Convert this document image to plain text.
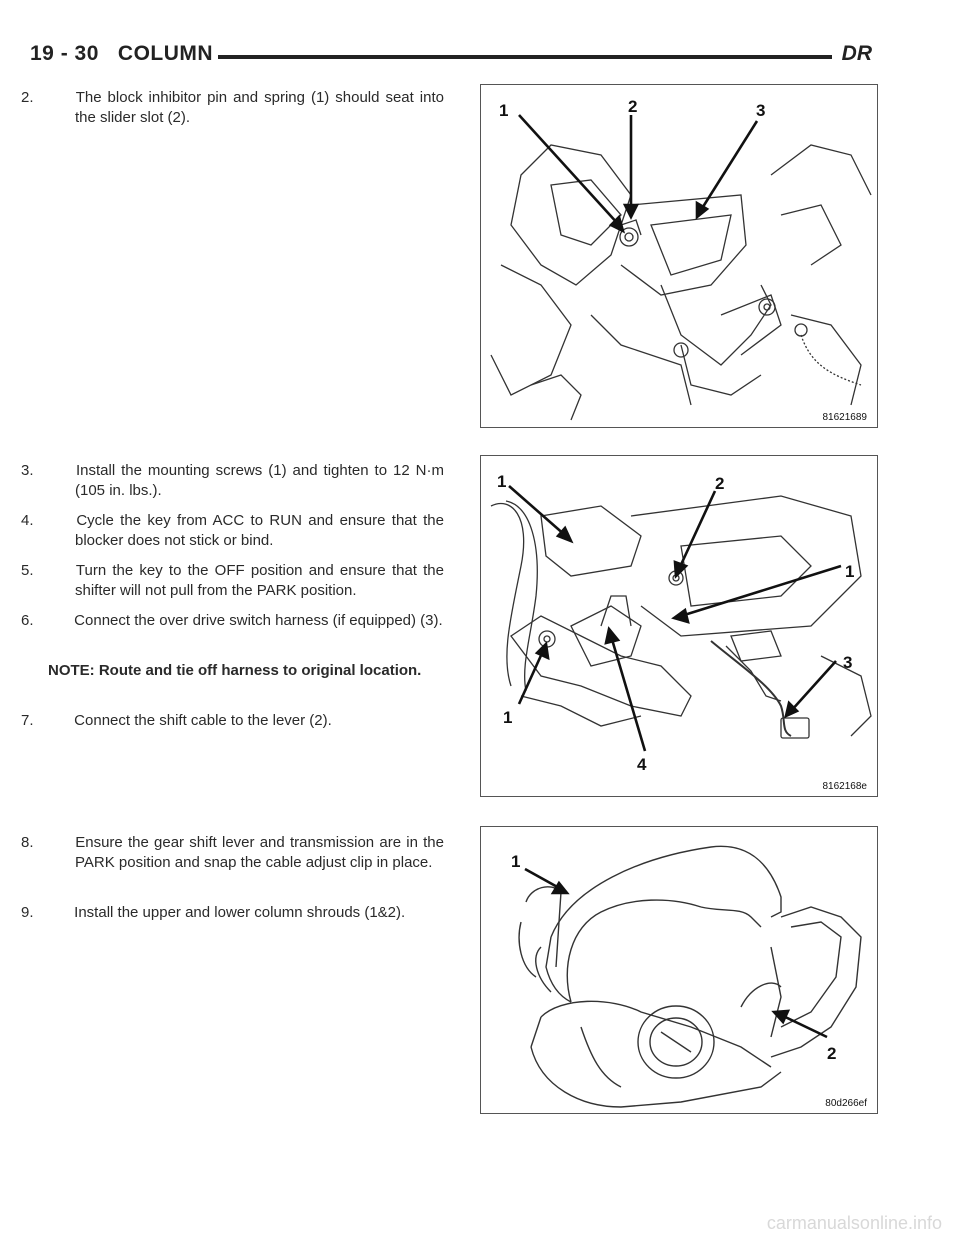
19 - 30 COLUMN	DR
2.	The block inhibitor pin and spring (1) should seat into the slider slot (2).
3.	Install the mounting screws (1) and tighten to 12 N·m (105 in. lbs.).
4.	Cycle the key from ACC to RUN and ensure that the blocker does not stick or bind.
5.	Turn the key to the OFF position and ensure that the shifter will not pull from the PARK position.
6.	Connect the over drive switch harness (if equipped) (3).
NOTE: Route and tie off harness to original location.
7.	Connect the shift cable to the lever (2).
8.	Ensure the gear shift lever and transmission are in the PARK position and snap the cable adjust clip in place.
9.	Install the upper and lower column shrouds (1&2).
1	2	3
81621689
1	2
1
3
1
4
8162168e
1
2
80d266ef
carmanualsonline.info
